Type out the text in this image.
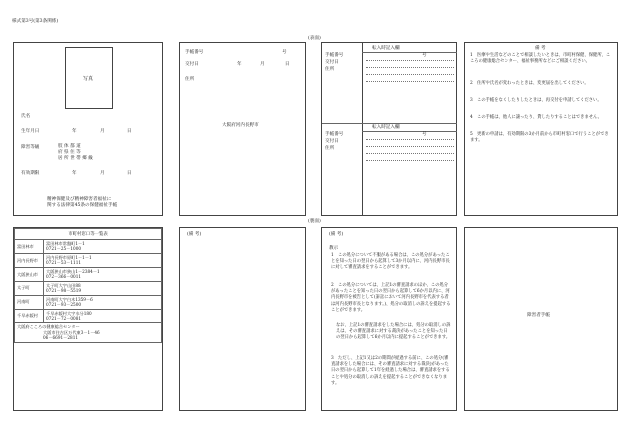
様式第3号(第3条関係)
(表面)
(裏面)
写真
氏名
生年月日	年	月	日
障害等級	肢 体 都 道
府 県 住 等
居 所 世 帯 郷 級
有効期限	年	月	日
精神保健及び精神障害者福祉に
関する法律第45条の保健福祉手帳
手帳番号	号
交付日	年	月	日
住所
大阪府河内長野市
転入時記入欄
手帳番号	号
交付日
住所
転入時記入欄
手帳番号	号
交付日
住所
備 考
1　医療や生活などのことで相談したいときは、市町村保健、保健所、こころの健康総合センター、福祉事務所などにご相談ください。
2　住所や氏名が変わったときは、変更届を出してください。
3　この手帳をなくしたりしたときは、再交付を申請してください。
4　この手帳は、他人に譲ったり、貸したりすることはできません。
5　更新の申請は、有効期限の3か月前から市町村窓口で行うことができます。
市町村窓口等一覧表	
富田林市	富田林市常盤町1－1
0721－25－1000

河内長野市	河内長野市原町1－1－1
0721－53－1111

大阪狭山市	大阪狭山市狭山1－2384－1
072－366－0011

太子町	太子町大字山田88
0721－98－5519

河南町	河南町大字白木1359－6
0721－93－2500

千早赤阪村	千早赤阪村大字水分180
0721－72－0081

大阪府こころの健康総合センター
大阪市住吉区万代東3－1－46
06－6691－2811	
(備 考)	(備 考)
教示
1　この処分について不服がある場合は、この処分があったことを知った日の翌日から起算して3か月以内に、河内長野市長に対して審査請求をすることができます。
2　この処分については、上記1の審査請求のほか、この処分があったことを知った日の翌日から起算して6か月以内に、河内長野市を被告として(訴訟において河内長野市を代表する者は河内長野市長となります。)、処分の取消しの訴えを提起することができます。
なお、上記1の審査請求をした場合には、処分の取消しの訴えは、その審査請求に対する裁決があったことを知った日の翌日から起算して6か月以内に提起することができます。
3　ただし、上記1又は2の期間が経過する前に、この処分(審査請求をした場合には、その審査請求に対する裁決)があった日の翌日から起算して1年を経過した場合は、審査請求をすることや処分の取消しの訴えを提起することができなくなります。
障害者手帳
